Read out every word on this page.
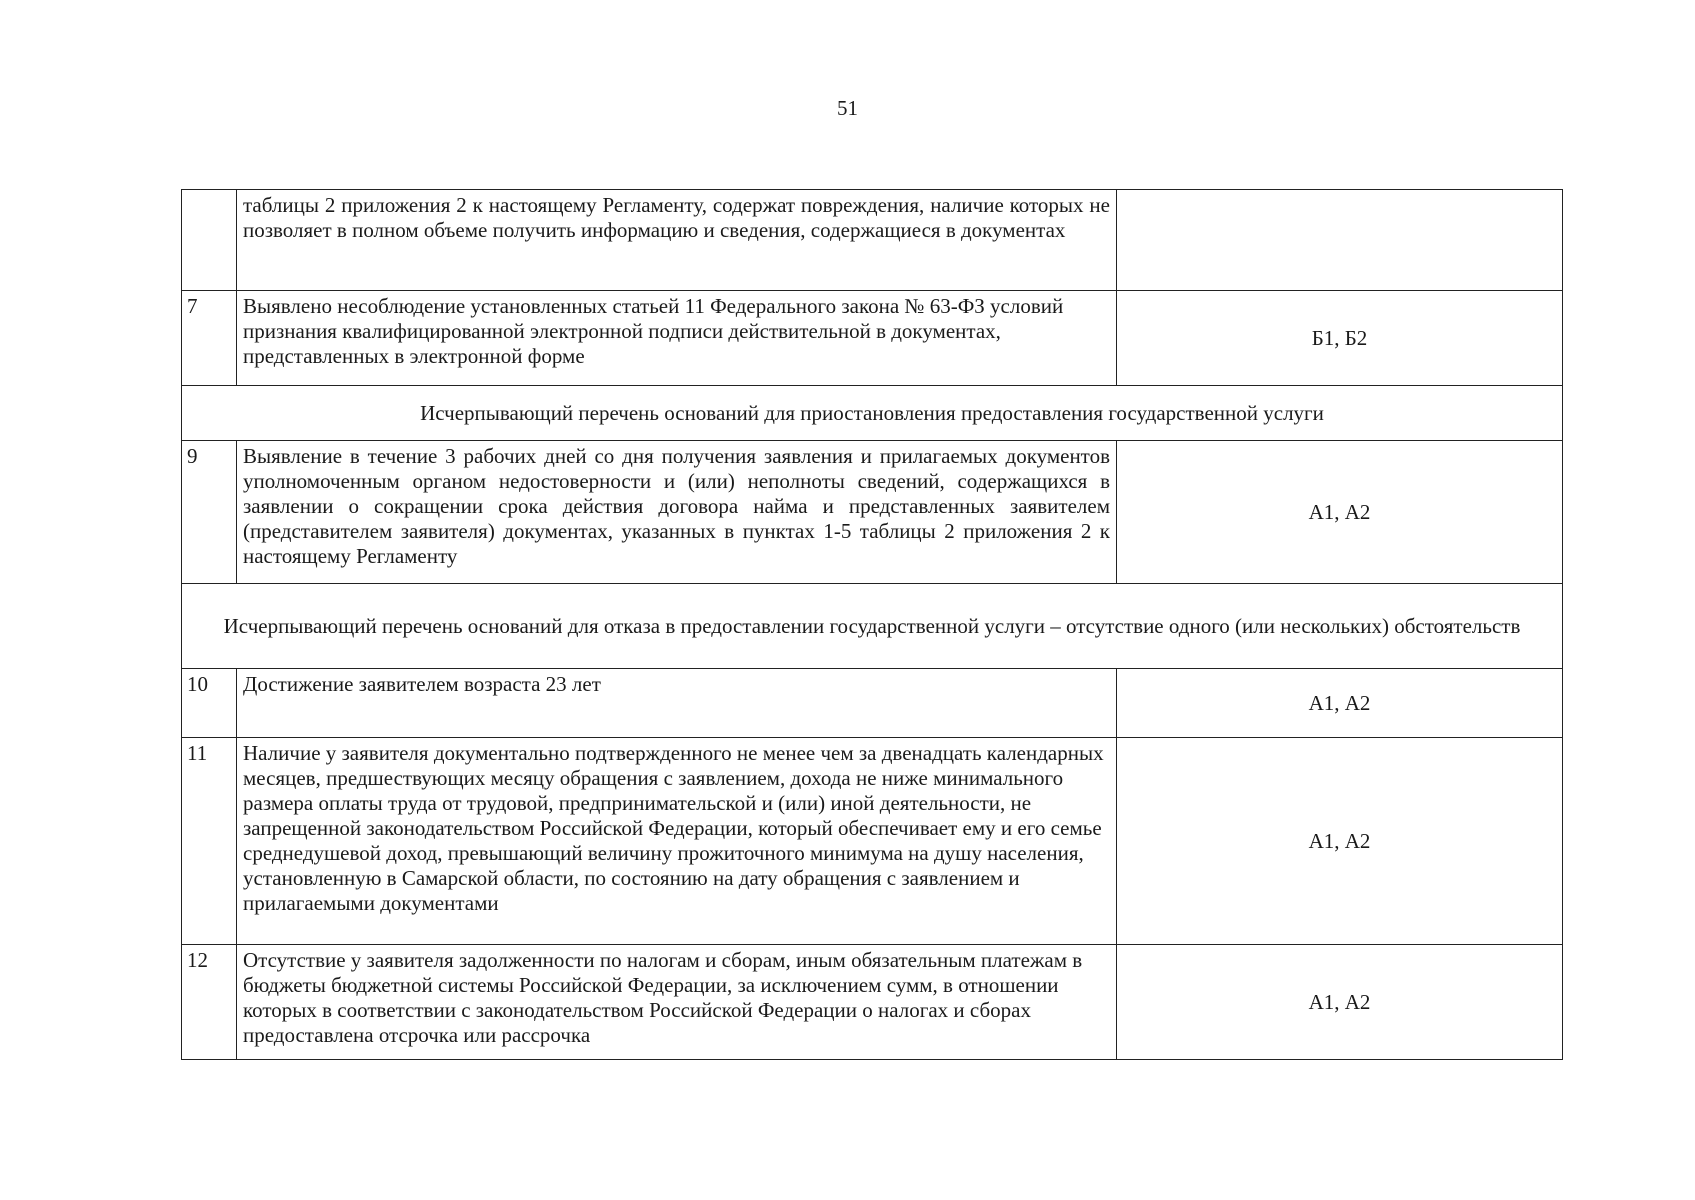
51
	таблицы 2 приложения 2 к настоящему Регламенту, содержат повреждения, наличие которых не позволяет в полном объеме получить информацию и сведения, содержащиеся в документах	
7	Выявлено несоблюдение установленных статьей 11 Федерального закона № 63-ФЗ условий признания квалифицированной электронной подписи действительной в документах, представленных в электронной форме	Б1, Б2
Исчерпывающий перечень оснований для приостановления предоставления государственной услуги		
9	Выявление в течение 3 рабочих дней со дня получения заявления и прилагаемых документов уполномоченным органом недостоверности и (или) неполноты сведений, содержащихся в заявлении о сокращении срока действия договора найма и представленных заявителем (представителем заявителя) документах, указанных в пунктах 1-5 таблицы 2 приложения 2 к настоящему Регламенту	А1, А2
Исчерпывающий перечень оснований для отказа в предоставлении государственной услуги – отсутствие одного (или нескольких) обстоятельств		
10	Достижение заявителем возраста 23 лет	А1, А2
11	Наличие у заявителя документально подтвержденного не менее чем за двенадцать календарных месяцев, предшествующих месяцу обращения с заявлением, дохода не ниже минимального размера оплаты труда от трудовой, предпринимательской и (или) иной деятельности, не запрещенной законодательством Российской Федерации, который обеспечивает ему и его семье среднедушевой доход, превышающий величину прожиточного минимума на душу населения, установленную в Самарской области, по состоянию на дату обращения с заявлением и прилагаемыми документами	А1, А2
12	Отсутствие у заявителя задолженности по налогам и сборам, иным обязательным платежам в бюджеты бюджетной системы Российской Федерации, за исключением сумм, в отношении которых в соответствии с законодательством Российской Федерации о налогах и сборах предоставлена отсрочка или рассрочка	А1, А2
